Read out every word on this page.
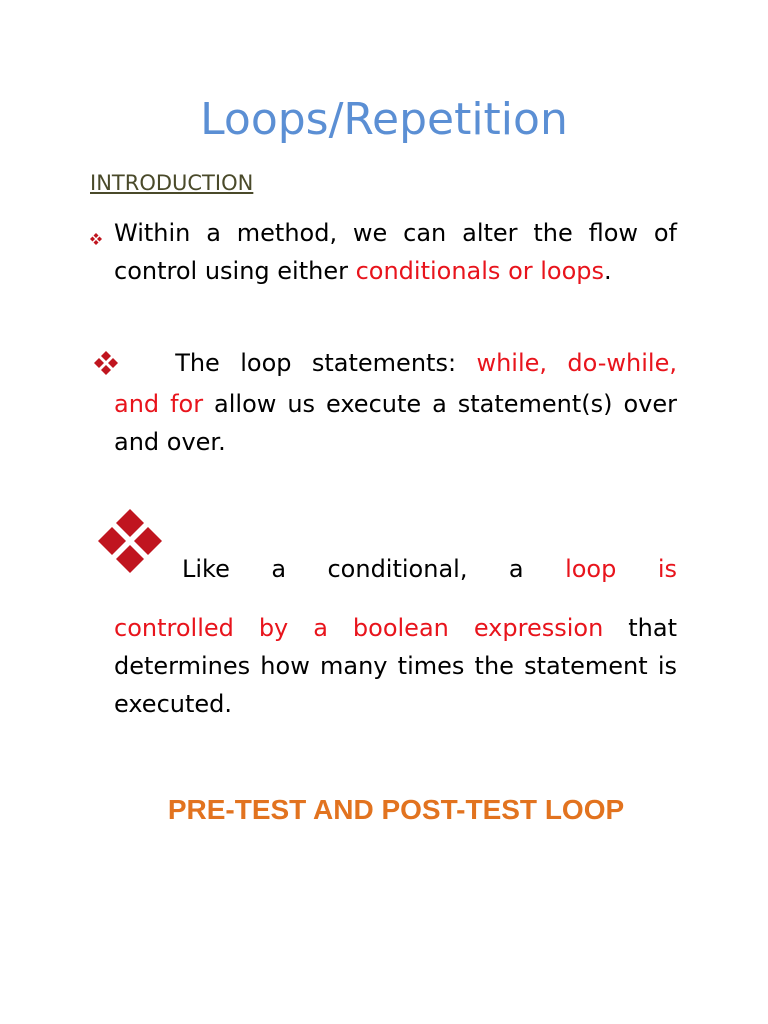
Loops/Repetition
INTRODUCTION
Within a method, we can alter the flow of control using either conditionals or loops.
The loop statements: while, do-while,
and for allow us execute a statement(s) over and over.
Like a conditional, a loop is
controlled by a boolean expression that determines how many times the statement is executed.
PRE-TEST AND POST-TEST LOOP
